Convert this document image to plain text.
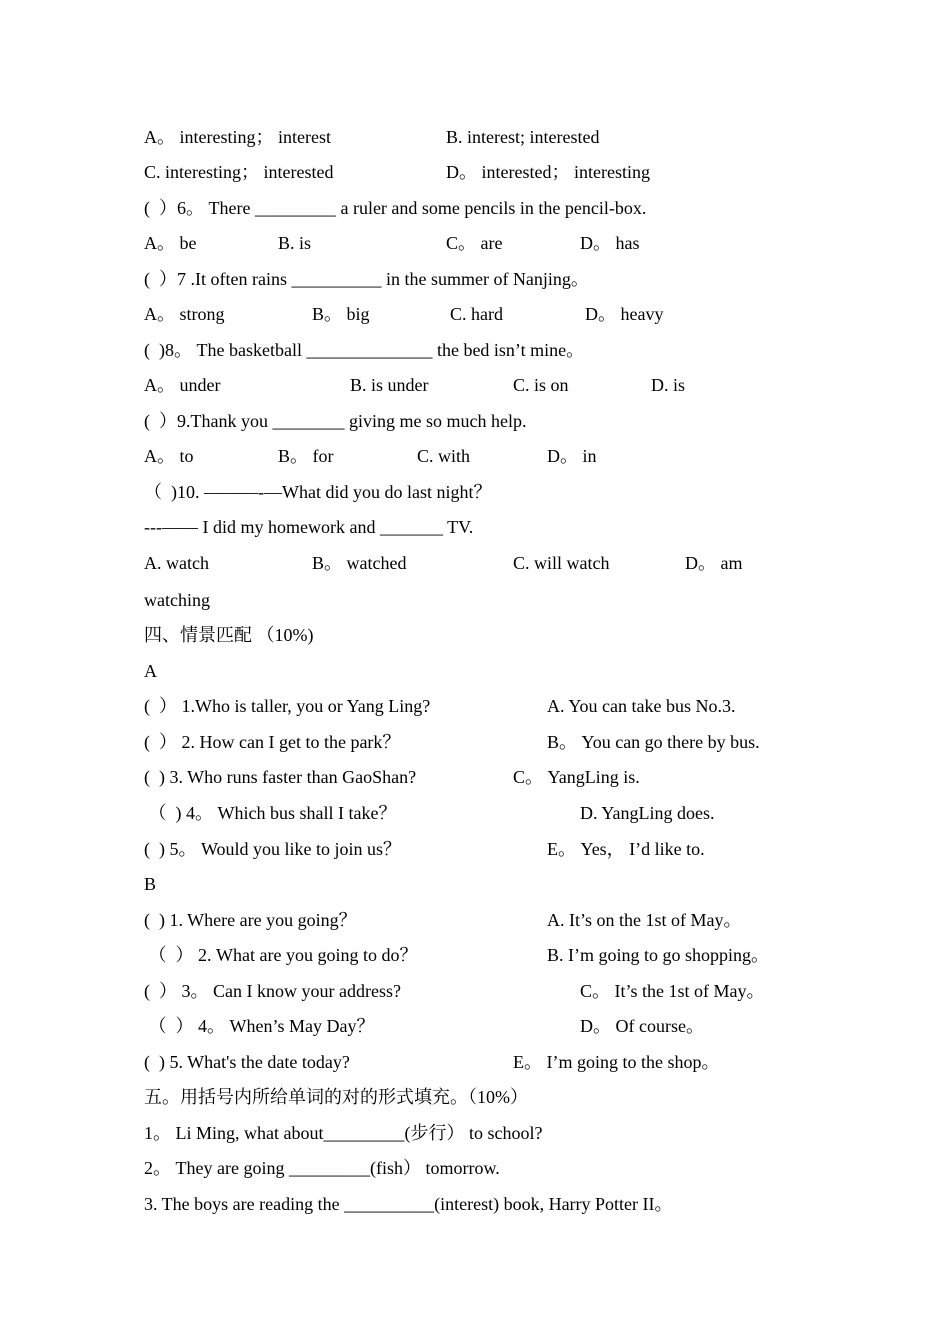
A。 interesting； interest	B. interest; interested
C. interesting； interested	D。 interested； interesting
(  ）6。 There _________ a ruler and some pencils in the pencil-box.
A。 be	B. is	C。 are	D。 has
(  ）7 .It often rains __________ in the summer of Nanjing。
A。 strong	B。 big	C. hard	D。 heavy
(  )8。 The basketball ______________ the bed isn’t mine。
A。 under	B. is under	C. is on	D. is
(  ）9.Thank you ________ giving me so much help.
A。 to	B。 for	C. with	D。 in
（  )10. ———-—What did you do last night？
---—— I did my homework and _______ TV.
A. watch	B。 watched	C. will watch	D。 am
watching
四、情景匹配 （10%)
A
(  ） 1.Who is taller, you or Yang Ling?	A. You can take bus No.3.
(  ） 2. How can I get to the park？	B。 You can go there by bus.
(  ) 3. Who runs faster than GaoShan?	C。 YangLing is.
（  ) 4。 Which bus shall I take？	D. YangLing does.
(  ) 5。 Would you like to join us？	E。 Yes， I’d like to.
B
(  ) 1. Where are you going？	A. It’s on the 1st of May。
（  ） 2. What are you going to do？	B. I’m going to go shopping。
(  ） 3。 Can I know your address?	C。 It’s the 1st of May。
（  ） 4。 When’s May Day？	D。 Of course。
(  ) 5. What's the date today?	E。 I’m going to the shop。
五。用括号内所给单词的对的形式填充。（10%）
1。 Li Ming, what about_________(步行） to school?
2。 They are going _________(fish） tomorrow.
3. The boys are reading the __________(interest) book, Harry Potter II。
